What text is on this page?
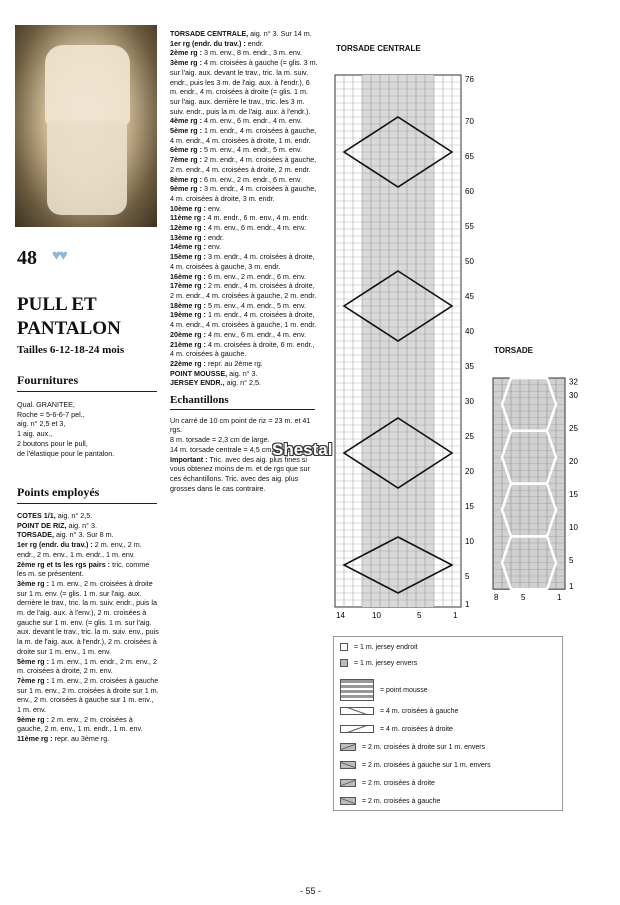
48 ♥♥
PULL ET
PANTALON
Tailles 6-12-18-24 mois
Fournitures
Qual. GRANITEE,
Roche = 5-6-6-7 pel.,
aig. n° 2,5 et 3,
1 aig. aux.,
2 boutons pour le pull,
de l'élastique pour le pantalon.
Points employés
COTES 1/1, aig. n° 2,5.
POINT DE RIZ, aig. n° 3.
TORSADE, aig. n° 3. Sur 8 m.
1er rg (endr. du trav.) : 2 m. env., 2 m. endr., 2 m. env., 1 m. endr., 1 m. env.
2ème rg et ts les rgs pairs : tric. comme les m. se présentent.
3ème rg : 1 m. env., 2 m. croisées à droite sur 1 m. env. (= glis. 1 m. sur l'aig. aux. derrière le trav., tric. la m. suiv. endr., puis la m. de l'aig. aux. à l'env.), 2 m. croisées à gauche sur 1 m. env. (= glis. 1 m. sur l'aig. aux. devant le trav., tric. la m. suiv. env., puis la m. de l'aig. aux. à l'endr.), 2 m. croisées à droite sur 1 m. env., 1 m. env.
5ème rg : 1 m. env., 1 m. endr., 2 m. env., 2 m. croisées à droite, 2 m. env.
7ème rg : 1 m. env., 2 m. croisées à gauche sur 1 m. env., 2 m. croisées à droite sur 1 m. env., 2 m. croisées à gauche sur 1 m. env., 1 m. env.
9ème rg : 2 m. env., 2 m. croisées à gauche, 2 m. env., 1 m. endr., 1 m. env.
11ème rg : repr. au 3ème rg.
TORSADE CENTRALE, aig. n° 3. Sur 14 m.
1er rg (endr. du trav.) : endr.
2ème rg : 3 m. env., 8 m. endr., 3 m. env.
3ème rg : 4 m. croisées à gauche (= glis. 3 m. sur l'aig. aux. devant le trav., tric. la m. suiv. endr., puis les 3 m. de l'aig. aux. à l'endr.), 6 m. endr., 4 m. croisées à droite (= glis. 1 m. sur l'aig. aux. derrière le trav., tric. les 3 m. suiv. endr., puis la m. de l'aig. aux. à l'endr.).
4ème rg : 4 m. env., 6 m. endr., 4 m. env.
5ème rg : 1 m. endr., 4 m. croisées à gauche, 4 m. endr., 4 m. croisées à droite, 1 m. endr.
6ème rg : 5 m. env., 4 m. endr., 5 m. env.
7ème rg : 2 m. endr., 4 m. croisées à gauche, 2 m. endr., 4 m. croisées à droite, 2 m. endr.
8ème rg : 6 m. env., 2 m. endr., 6 m. env.
9ème rg : 3 m. endr., 4 m. croisées à gauche, 4 m. croisées à droite, 3 m. endr.
10ème rg : env.
11ème rg : 4 m. endr., 6 m. env., 4 m. endr.
12ème rg : 4 m. env., 6 m. endr., 4 m. env.
13ème rg : endr.
14ème rg : env.
15ème rg : 3 m. endr., 4 m. croisées à droite, 4 m. croisées à gauche, 3 m. endr.
16ème rg : 6 m. env., 2 m. endr., 6 m. env.
17ème rg : 2 m. endr., 4 m. croisées à droite, 2 m. endr., 4 m. croisées à gauche, 2 m. endr.
18ème rg : 5 m. env., 4 m. endr., 5 m. env.
19ème rg : 1 m. endr., 4 m. croisées à droite, 4 m. endr., 4 m. croisées à gauche, 1 m. endr.
20ème rg : 4 m. env., 6 m. endr., 4 m. env.
21ème rg : 4 m. croisées à droite, 6 m. endr., 4 m. croisées à gauche.
22ème rg : repr. au 2ème rg.
POINT MOUSSE, aig. n° 3.
JERSEY ENDR., aig. n° 2,5.
Echantillons
Un carré de 10 cm point de riz = 23 m. et 41 rgs.
8 m. torsade = 2,3 cm de large.
14 m. torsade centrale = 4,5 cm de large.
Important : Tric. avec des aig. plus fines si vous obtenez moins de m. et de rgs que sur ces échantillons. Tric. avec des aig. plus grosses dans le cas contraire.
Shestal
TORSADE CENTRALE
76
70
65
60
55
50
45
40
35
30
25
20
15
10
5
1
14	10	5	1
TORSADE
32
30
25
20
15
10
5
1
8	5	1
= 1 m. jersey endroit
= 1 m. jersey envers
= point mousse
= 4 m. croisées à gauche
= 4 m. croisées à droite
= 2 m. croisées à droite sur 1 m. envers
= 2 m. croisées à gauche sur 1 m. envers
= 2 m. croisées à droite
= 2 m. croisées à gauche
- 55 -
